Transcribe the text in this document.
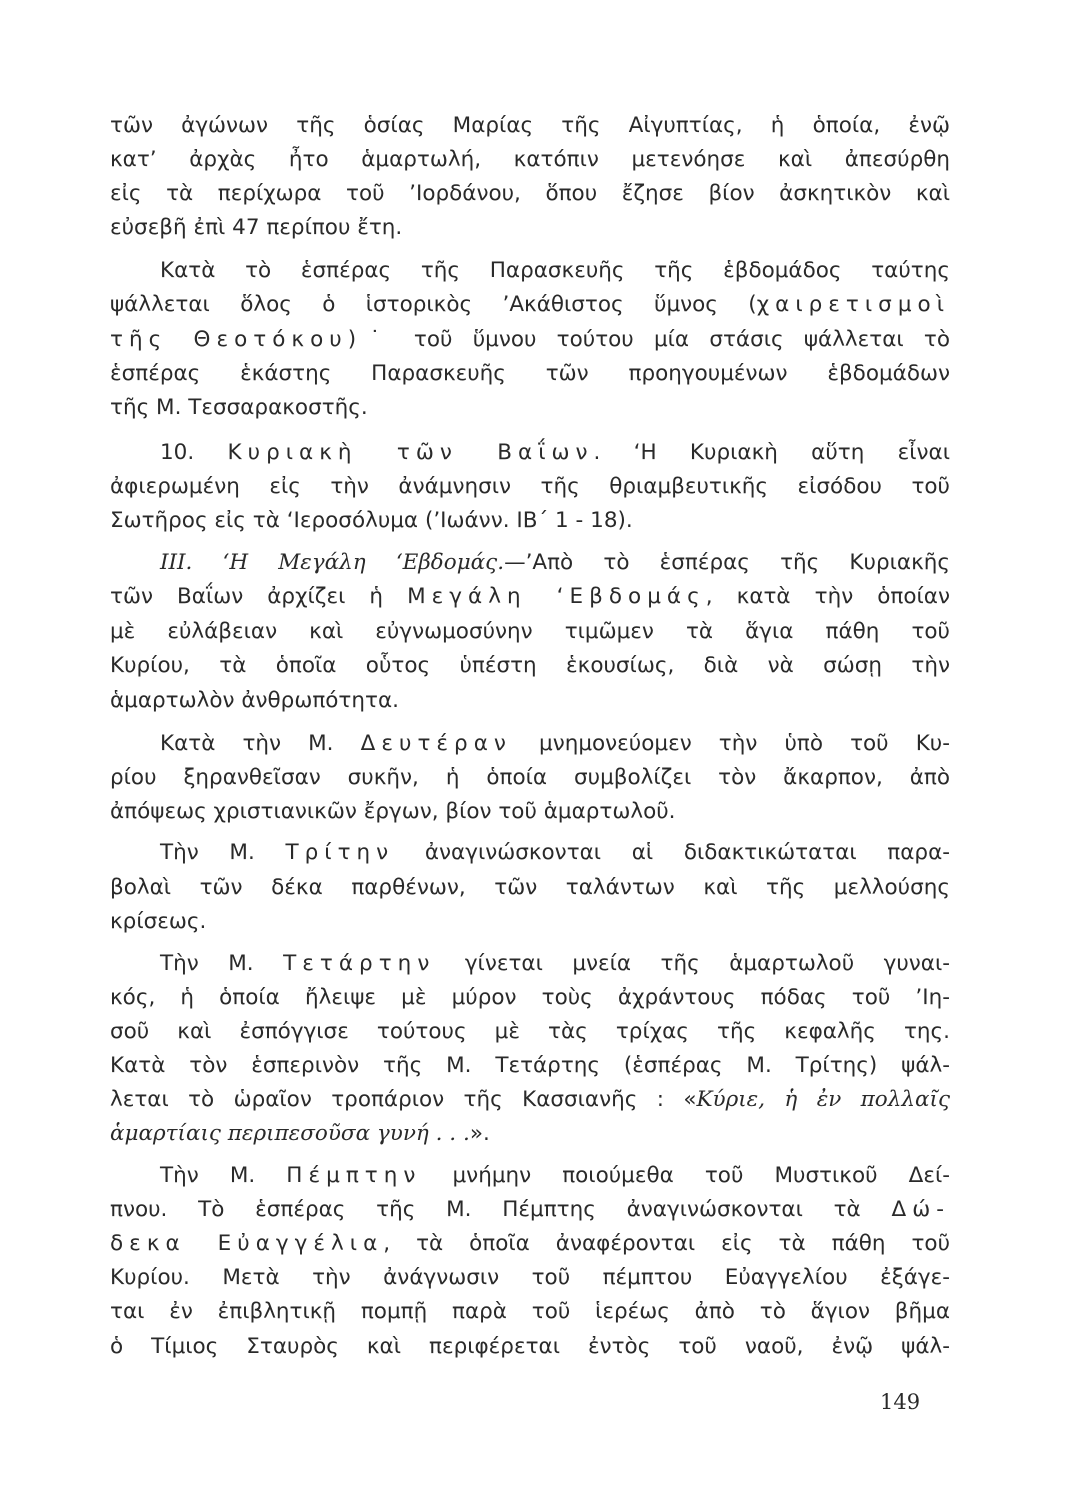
τῶν ἀγώνων τῆς ὁσίας Μαρίας τῆς Αἰγυπτίας, ἡ ὁποία, ἐνῷ
κατ’ ἀρχὰς ἦτο ἁμαρτωλή, κατόπιν μετενόησε καὶ ἀπεσύρθη
εἰς τὰ περίχωρα τοῦ ’Ιορδάνου, ὅπου ἔζησε βίον ἀσκητικὸν καὶ
εὐσεβῆ ἐπὶ 47 περίπου ἔτη.
Κατὰ τὸ ἑσπέρας τῆς Παρασκευῆς τῆς ἑβδομάδος ταύτης
ψάλλεται ὅλος ὁ ἱστορικὸς ’Ακάθιστος ὕμνος (χαιρετισμοὶ
τῆς Θεοτόκου)˙ τοῦ ὕμνου τούτου μία στάσις ψάλλεται τὸ
ἑσπέρας ἑκάστης Παρασκευῆς τῶν προηγουμένων ἑβδομάδων
τῆς Μ. Τεσσαρακοστῆς.
10. Κυριακὴ τῶν Βαΐων. ‘Η Κυριακὴ αὕτη εἶναι
ἀφιερωμένη εἰς τὴν ἀνάμνησιν τῆς θριαμβευτικῆς εἰσόδου τοῦ
Σωτῆρος εἰς τὰ ‘Ιεροσόλυμα (’Ιωάνν. ΙΒ΄ 1 - 18).
ΙΙΙ. ‘Η Μεγάλη ‘Εβδομάς.—’Απὸ τὸ ἑσπέρας τῆς Κυριακῆς
τῶν Βαΐων ἀρχίζει ἡ Μεγάλη ‘Εβδομάς, κατὰ τὴν ὁποίαν
μὲ εὐλάβειαν καὶ εὐγνωμοσύνην τιμῶμεν τὰ ἅγια πάθη τοῦ
Κυρίου, τὰ ὁποῖα οὗτος ὑπέστη ἑκουσίως, διὰ νὰ σώσῃ τὴν
ἁμαρτωλὸν ἀνθρωπότητα.
Κατὰ τὴν Μ. Δευτέραν μνημονεύομεν τὴν ὑπὸ τοῦ Κυ-
ρίου ξηρανθεῖσαν συκῆν, ἡ ὁποία συμβολίζει τὸν ἄκαρπον, ἀπὸ
ἀπόψεως χριστιανικῶν ἔργων, βίον τοῦ ἁμαρτωλοῦ.
Τὴν Μ. Τρίτην ἀναγινώσκονται αἱ διδακτικώταται παρα-
βολαὶ τῶν δέκα παρθένων, τῶν ταλάντων καὶ τῆς μελλούσης
κρίσεως.
Τὴν Μ. Τετάρτην γίνεται μνεία τῆς ἁμαρτωλοῦ γυναι-
κός, ἡ ὁποία ἤλειψε μὲ μύρον τοὺς ἀχράντους πόδας τοῦ ’Ιη-
σοῦ καὶ ἐσπόγγισε τούτους μὲ τὰς τρίχας τῆς κεφαλῆς της.
Κατὰ τὸν ἑσπερινὸν τῆς Μ. Τετάρτης (ἑσπέρας Μ. Τρίτης) ψάλ-
λεται τὸ ὡραῖον τροπάριον τῆς Κασσιανῆς : «Κύριε, ἡ ἐν πολλαῖς
ἁμαρτίαις περιπεσοῦσα γυνή . . .».
Τὴν Μ. Πέμπτην μνήμην ποιούμεθα τοῦ Μυστικοῦ Δεί-
πνου. Τὸ ἑσπέρας τῆς Μ. Πέμπτης ἀναγινώσκονται τὰ Δώ-
δεκα Εὐαγγέλια, τὰ ὁποῖα ἀναφέρονται εἰς τὰ πάθη τοῦ
Κυρίου. Μετὰ τὴν ἀνάγνωσιν τοῦ πέμπτου Εὐαγγελίου ἐξάγε-
ται ἐν ἐπιβλητικῇ πομπῇ παρὰ τοῦ ἱερέως ἀπὸ τὸ ἅγιον βῆμα
ὁ Τίμιος Σταυρὸς καὶ περιφέρεται ἐντὸς τοῦ ναοῦ, ἐνῷ ψάλ-
149
